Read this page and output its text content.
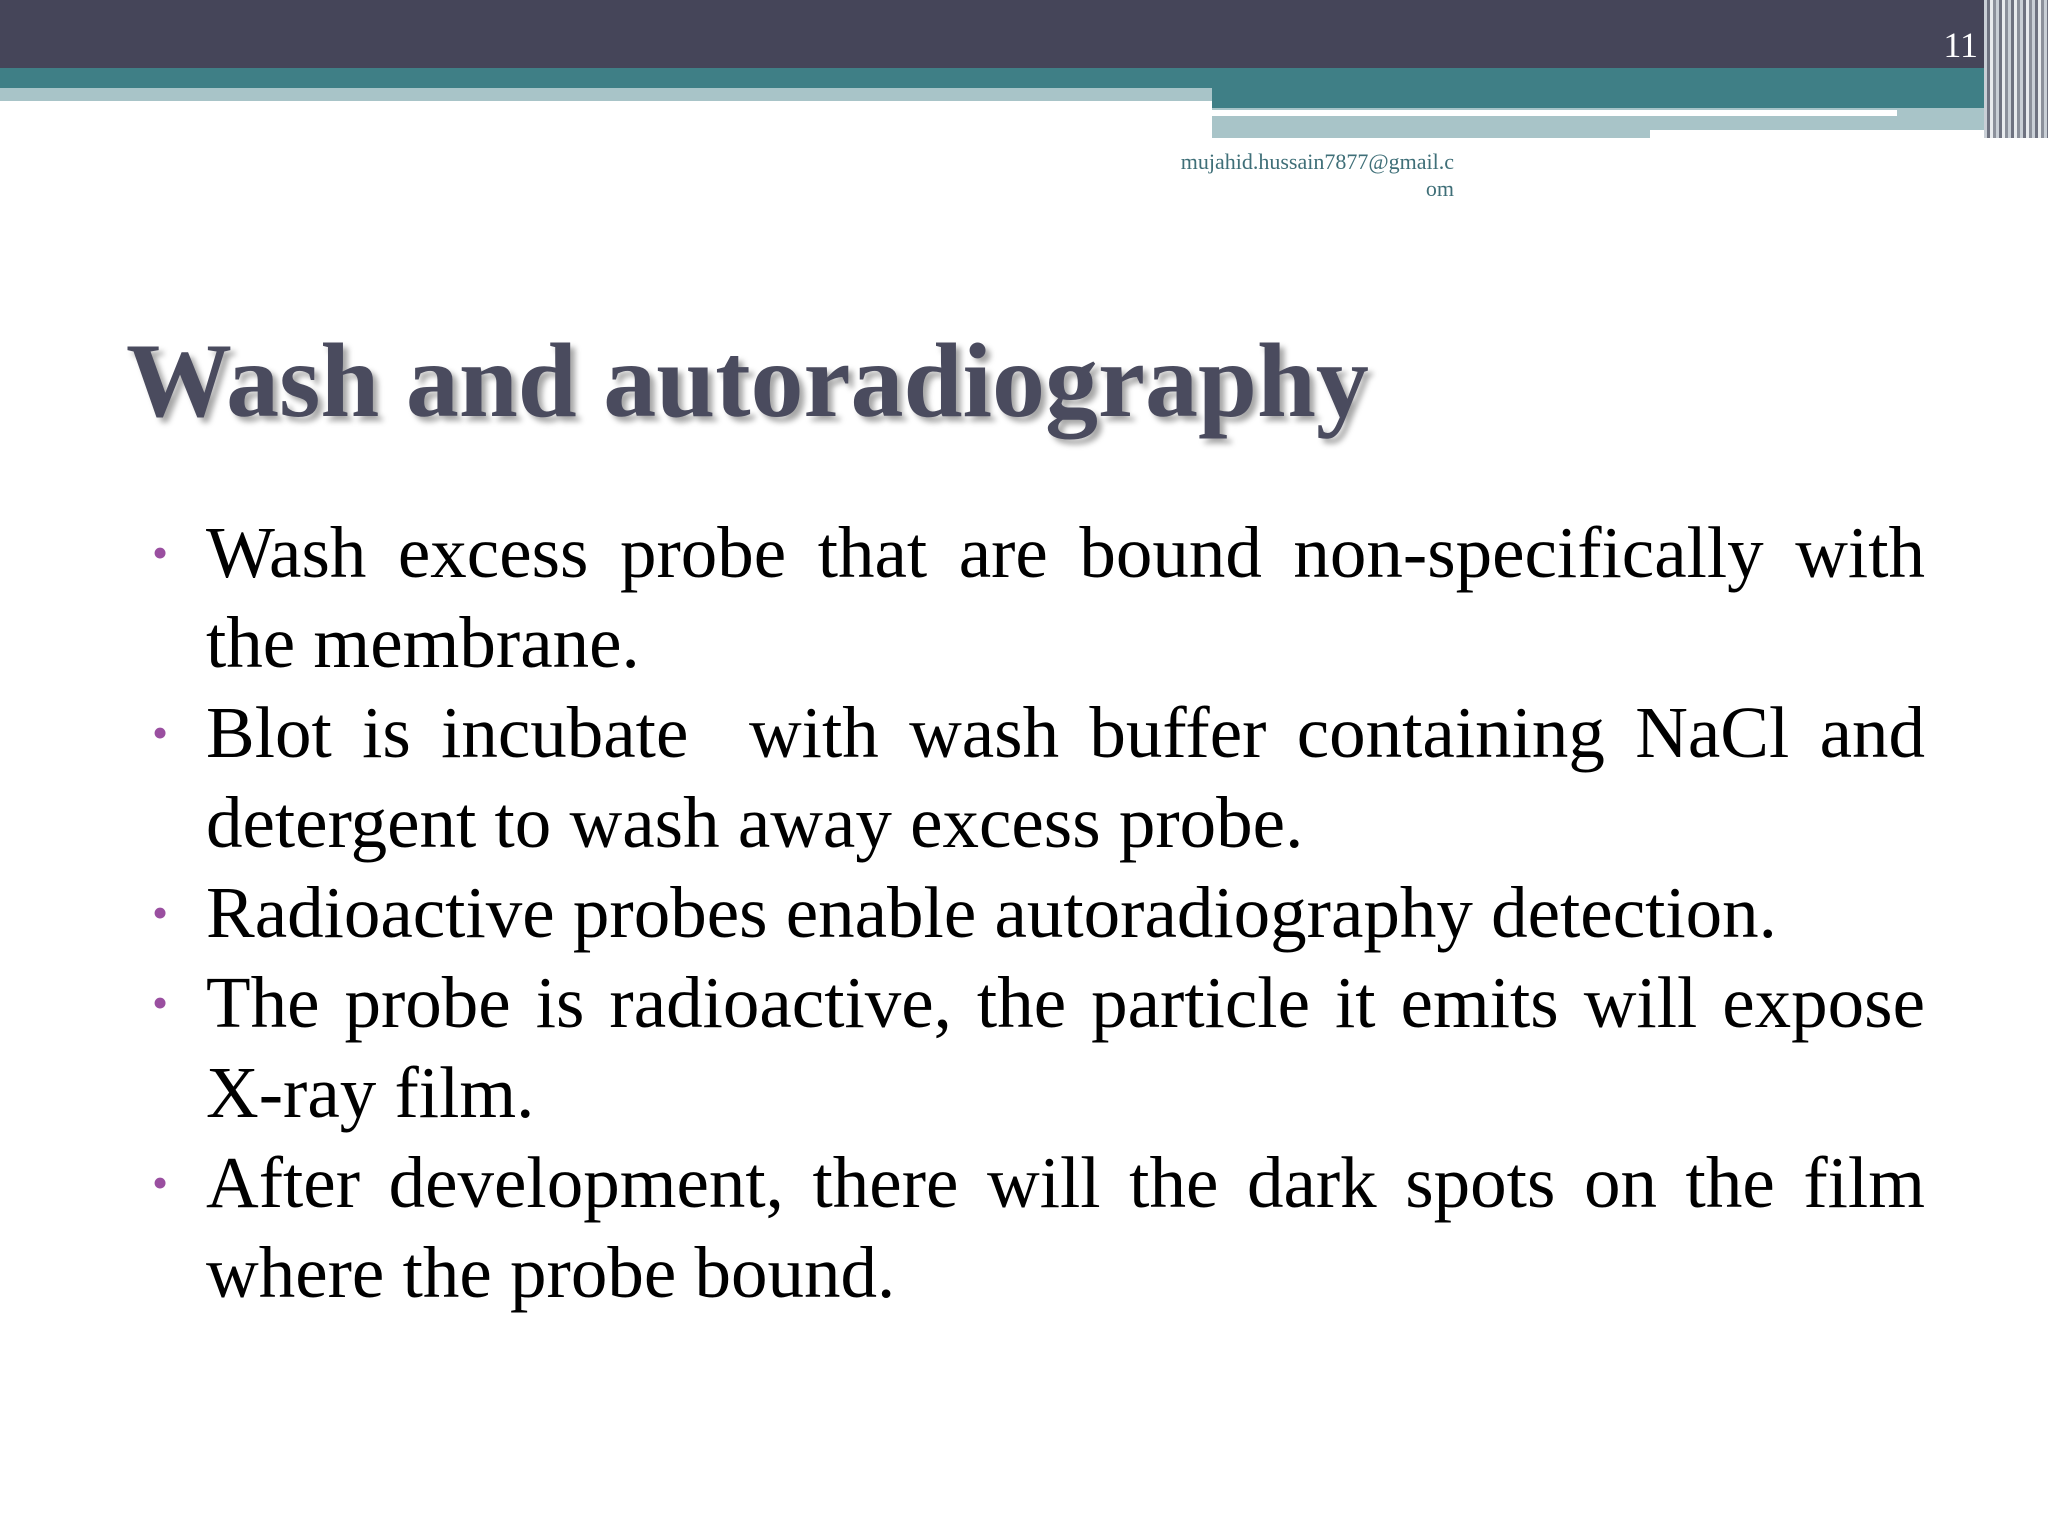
11
mujahid.hussain7877@gmail.com
Wash and autoradiography
• Wash excess probe that are bound non-specifically with the membrane.
• Blot is incubate  with wash buffer containing NaCl and detergent to wash away excess probe.
• Radioactive probes enable autoradiography detection.
• The probe is radioactive, the particle it emits will expose X-ray film.
• After development, there will the dark spots on the film where the probe bound.
